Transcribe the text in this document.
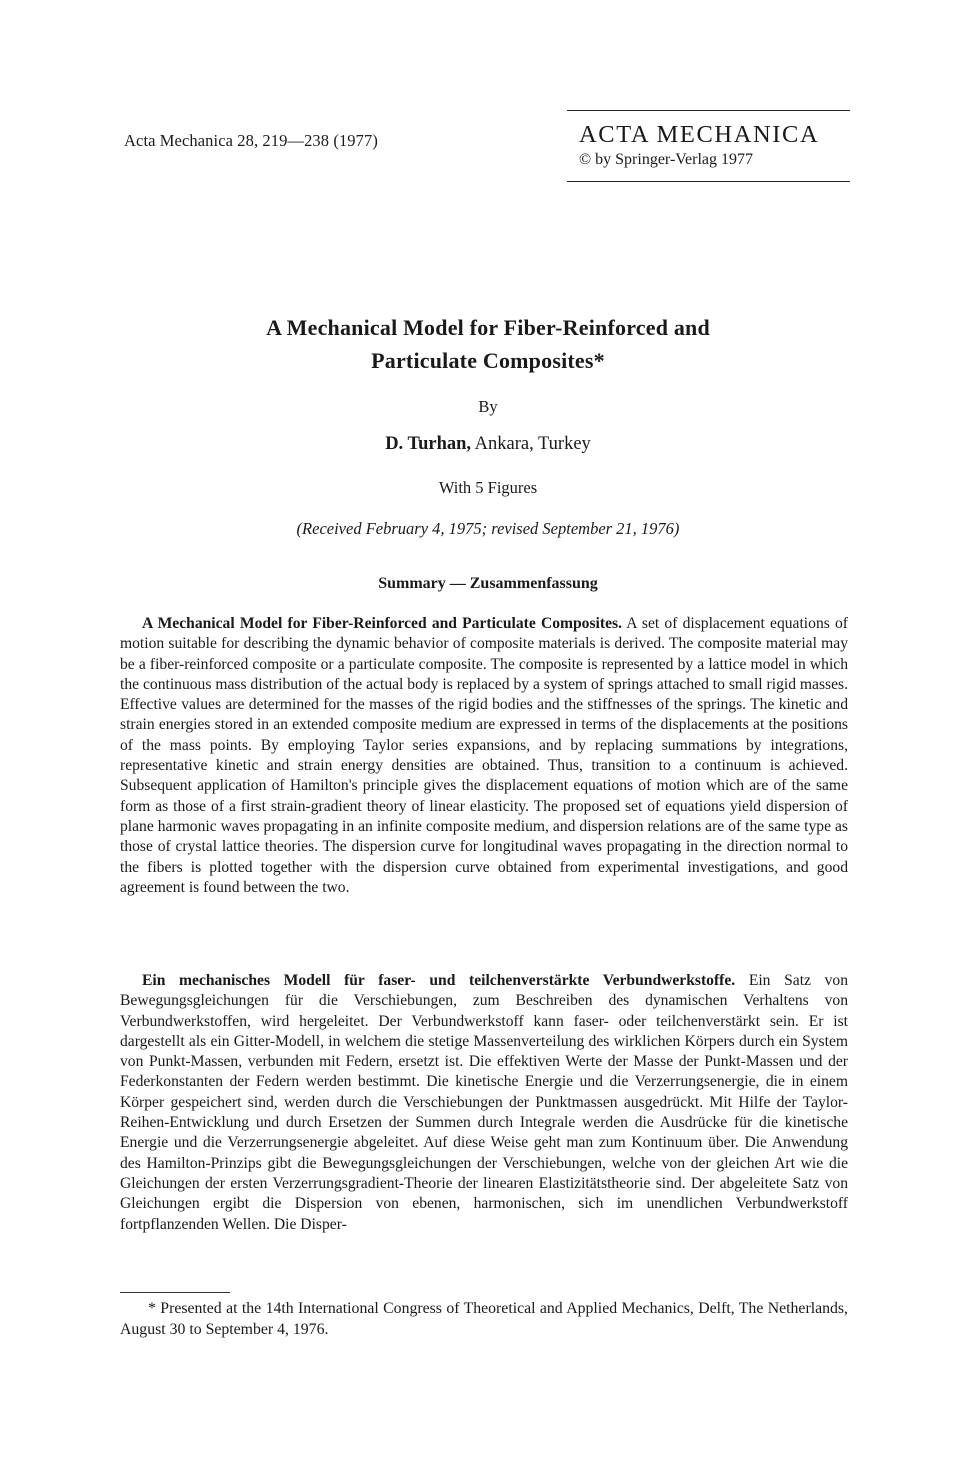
Acta Mechanica 28, 219—238 (1977)	ACTA MECHANICA
© by Springer-Verlag 1977
A Mechanical Model for Fiber-Reinforced and
Particulate Composites*
By
D. Turhan, Ankara, Turkey
With 5 Figures
(Received February 4, 1975; revised September 21, 1976)
Summary — Zusammenfassung

A Mechanical Model for Fiber-Reinforced and Particulate Composites. A set of displacement equations of motion suitable for describing the dynamic behavior of composite materials is derived. The composite material may be a fiber-reinforced composite or a particulate composite. The composite is represented by a lattice model in which the continuous mass distribution of the actual body is replaced by a system of springs attached to small rigid masses. Effective values are determined for the masses of the rigid bodies and the stiffnesses of the springs. The kinetic and strain energies stored in an extended composite medium are expressed in terms of the displacements at the positions of the mass points. By employing Taylor series expansions, and by replacing summations by integrations, representative kinetic and strain energy densities are obtained. Thus, transition to a continuum is achieved. Subsequent application of Hamilton's principle gives the displacement equations of motion which are of the same form as those of a first strain-gradient theory of linear elasticity. The proposed set of equations yield dispersion of plane harmonic waves propagating in an infinite composite medium, and dispersion relations are of the same type as those of crystal lattice theories. The dispersion curve for longitudinal waves propagating in the direction normal to the fibers is plotted together with the dispersion curve obtained from experimental investigations, and good agreement is found between the two.

Ein mechanisches Modell für faser- und teilchenverstärkte Verbundwerkstoffe. Ein Satz von Bewegungsgleichungen für die Verschiebungen, zum Beschreiben des dynamischen Verhaltens von Verbundwerkstoffen, wird hergeleitet. Der Verbundwerkstoff kann faser- oder teilchenverstärkt sein. Er ist dargestellt als ein Gitter-Modell, in welchem die stetige Massenverteilung des wirklichen Körpers durch ein System von Punkt-Massen, verbunden mit Federn, ersetzt ist. Die effektiven Werte der Masse der Punkt-Massen und der Federkonstanten der Federn werden bestimmt. Die kinetische Energie und die Verzerrungsenergie, die in einem Körper gespeichert sind, werden durch die Verschiebungen der Punktmassen ausgedrückt. Mit Hilfe der Taylor-Reihen-Entwicklung und durch Ersetzen der Summen durch Integrale werden die Ausdrücke für die kinetische Energie und die Verzerrungsenergie abgeleitet. Auf diese Weise geht man zum Kontinuum über. Die Anwendung des Hamilton-Prinzips gibt die Bewegungsgleichungen der Verschiebungen, welche von der gleichen Art wie die Gleichungen der ersten Verzerrungsgradient-Theorie der linearen Elastizitätstheorie sind. Der abgeleitete Satz von Gleichungen ergibt die Dispersion von ebenen, harmonischen, sich im unendlichen Verbundwerkstoff fortpflanzenden Wellen. Die Disper-

* Presented at the 14th International Congress of Theoretical and Applied Mechanics, Delft, The Netherlands, August 30 to September 4, 1976.
